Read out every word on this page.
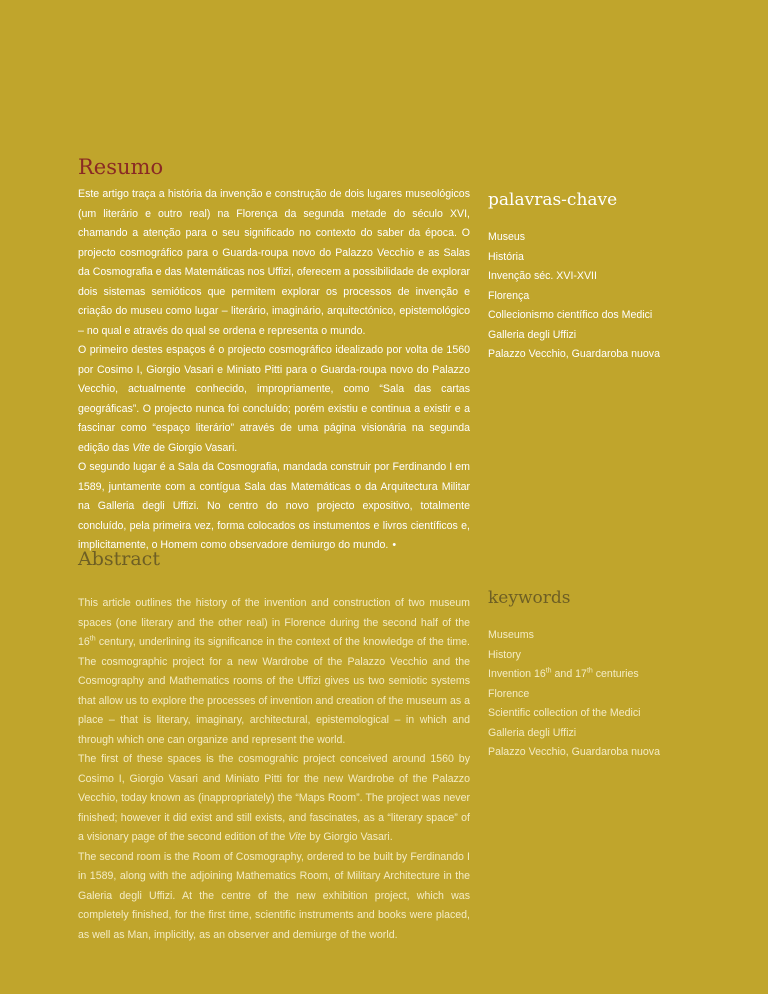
Resumo

Este artigo traça a história da invenção e construção de dois lugares museológicos (um literário e outro real) na Florença da segunda metade do século XVI, chamando a atenção para o seu significado no contexto do saber da época. O projecto cosmográfico para o Guarda-roupa novo do Palazzo Vecchio e as Salas da Cosmografia e das Matemáticas nos Uffizi, oferecem a possibilidade de explorar dois sistemas semióticos que permitem explorar os processos de invenção e criação do museu como lugar – literário, imaginário, arquitectónico, epistemológico – no qual e através do qual se ordena e representa o mundo.

O primeiro destes espaços é o projecto cosmográfico idealizado por volta de 1560 por Cosimo I, Giorgio Vasari e Miniato Pitti para o Guarda-roupa novo do Palazzo Vecchio, actualmente conhecido, impropriamente, como “Sala das cartas geográficas”. O projecto nunca foi concluído; porém existiu e continua a existir e a fascinar como “espaço literário” através de uma página visionária na segunda edição das Vite de Giorgio Vasari.

O segundo lugar é a Sala da Cosmografia, mandada construir por Ferdinando I em 1589, juntamente com a contígua Sala das Matemáticas o da Arquitectura Militar na Galleria degli Uffizi. No centro do novo projecto expositivo, totalmente concluído, pela primeira vez, forma colocados os instumentos e livros científicos e, implicitamente, o Homem como observadore demiurgo do mundo. •

palavras-chave
Museus
História
Invenção séc. XVI-XVII
Florença
Collecionismo científico dos Medici
Galleria degli Uffizi
Palazzo Vecchio, Guardaroba nuova
Abstract

This article outlines the history of the invention and construction of two museum spaces (one literary and the other real) in Florence during the second half of the 16th century, underlining its significance in the context of the knowledge of the time. The cosmographic project for a new Wardrobe of the Palazzo Vecchio and the Cosmography and Mathematics rooms of the Uffizi gives us two semiotic systems that allow us to explore the processes of invention and creation of the museum as a place – that is literary, imaginary, architectural, epistemological – in which and through which one can organize and represent the world.

The first of these spaces is the cosmograhic project conceived around 1560 by Cosimo I, Giorgio Vasari and Miniato Pitti for the new Wardrobe of the Palazzo Vecchio, today known as (inappropriately) the “Maps Room”. The project was never finished; however it did exist and still exists, and fascinates, as a “literary space” of a visionary page of the second edition of the Vite by Giorgio Vasari.

The second room is the Room of Cosmography, ordered to be built by Ferdinando I in 1589, along with the adjoining Mathematics Room, of Military Architecture in the Galeria degli Uffizi. At the centre of the new exhibition project, which was completely finished, for the first time, scientific instruments and books were placed, as well as Man, implicitly, as an observer and demiurge of the world.

keywords
Museums
History
Invention 16th and 17th centuries
Florence
Scientific collection of the Medici
Galleria degli Uffizi
Palazzo Vecchio, Guardaroba nuova
